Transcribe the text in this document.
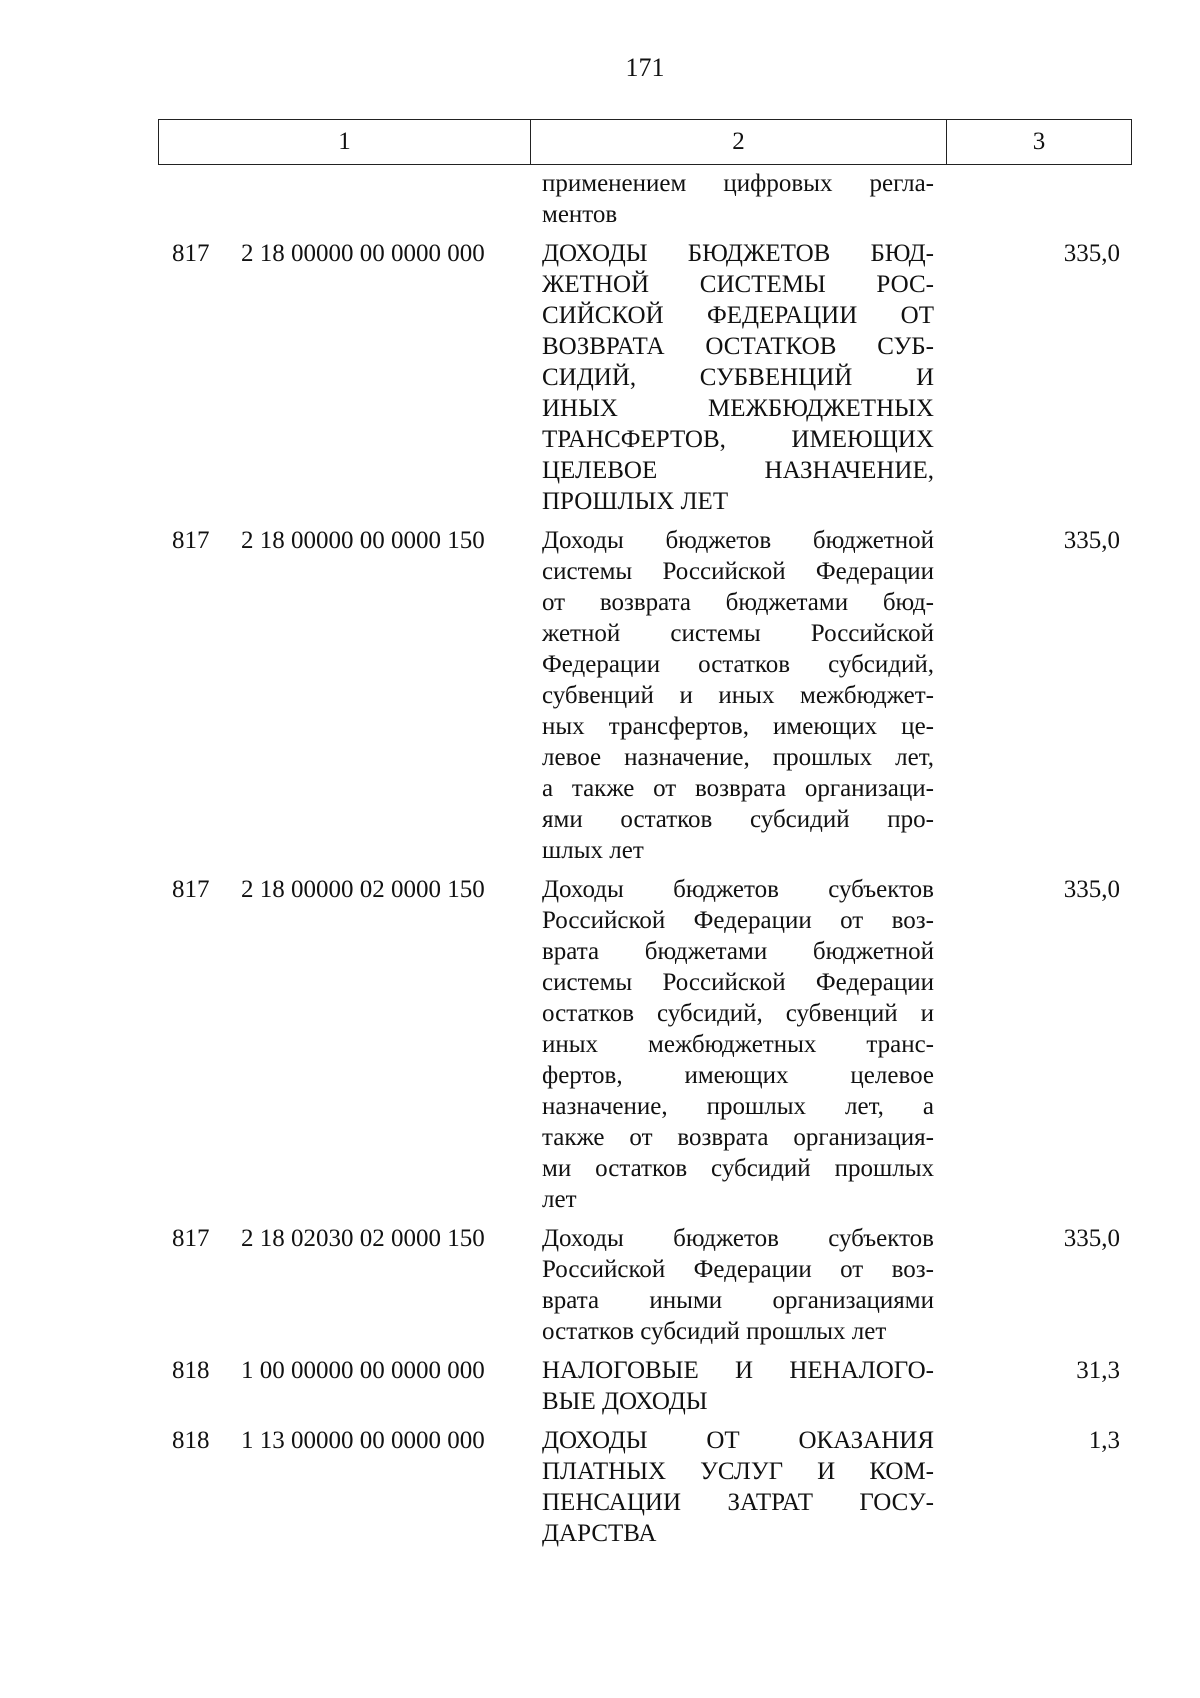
171
1	2	3
применением цифровых регла-
ментов
817	2 18 00000 00 0000 000	ДОХОДЫ БЮДЖЕТОВ БЮД-
ЖЕТНОЙ СИСТЕМЫ РОС-
СИЙСКОЙ ФЕДЕРАЦИИ ОТ
ВОЗВРАТА ОСТАТКОВ СУБ-
СИДИЙ, СУБВЕНЦИЙ И
ИНЫХ МЕЖБЮДЖЕТНЫХ
ТРАНСФЕРТОВ, ИМЕЮЩИХ
ЦЕЛЕВОЕ НАЗНАЧЕНИЕ,
ПРОШЛЫХ ЛЕТ
335,0
817	2 18 00000 00 0000 150	Доходы бюджетов бюджетной
системы Российской Федерации
от возврата бюджетами бюд-
жетной системы Российской
Федерации остатков субсидий,
субвенций и иных межбюджет-
ных трансфертов, имеющих це-
левое назначение, прошлых лет,
а также от возврата организаци-
ями остатков субсидий про-
шлых лет
335,0
817	2 18 00000 02 0000 150	Доходы бюджетов субъектов
Российской Федерации от воз-
врата бюджетами бюджетной
системы Российской Федерации
остатков субсидий, субвенций и
иных межбюджетных транс-
фертов, имеющих целевое
назначение, прошлых лет, а
также от возврата организация-
ми остатков субсидий прошлых
лет
335,0
817	2 18 02030 02 0000 150	Доходы бюджетов субъектов
Российской Федерации от воз-
врата иными организациями
остатков субсидий прошлых лет
335,0
818	1 00 00000 00 0000 000	НАЛОГОВЫЕ И НЕНАЛОГО-
ВЫЕ ДОХОДЫ
31,3
818	1 13 00000 00 0000 000	ДОХОДЫ ОТ ОКАЗАНИЯ
ПЛАТНЫХ УСЛУГ И КОМ-
ПЕНСАЦИИ ЗАТРАТ ГОСУ-
ДАРСТВА
1,3
